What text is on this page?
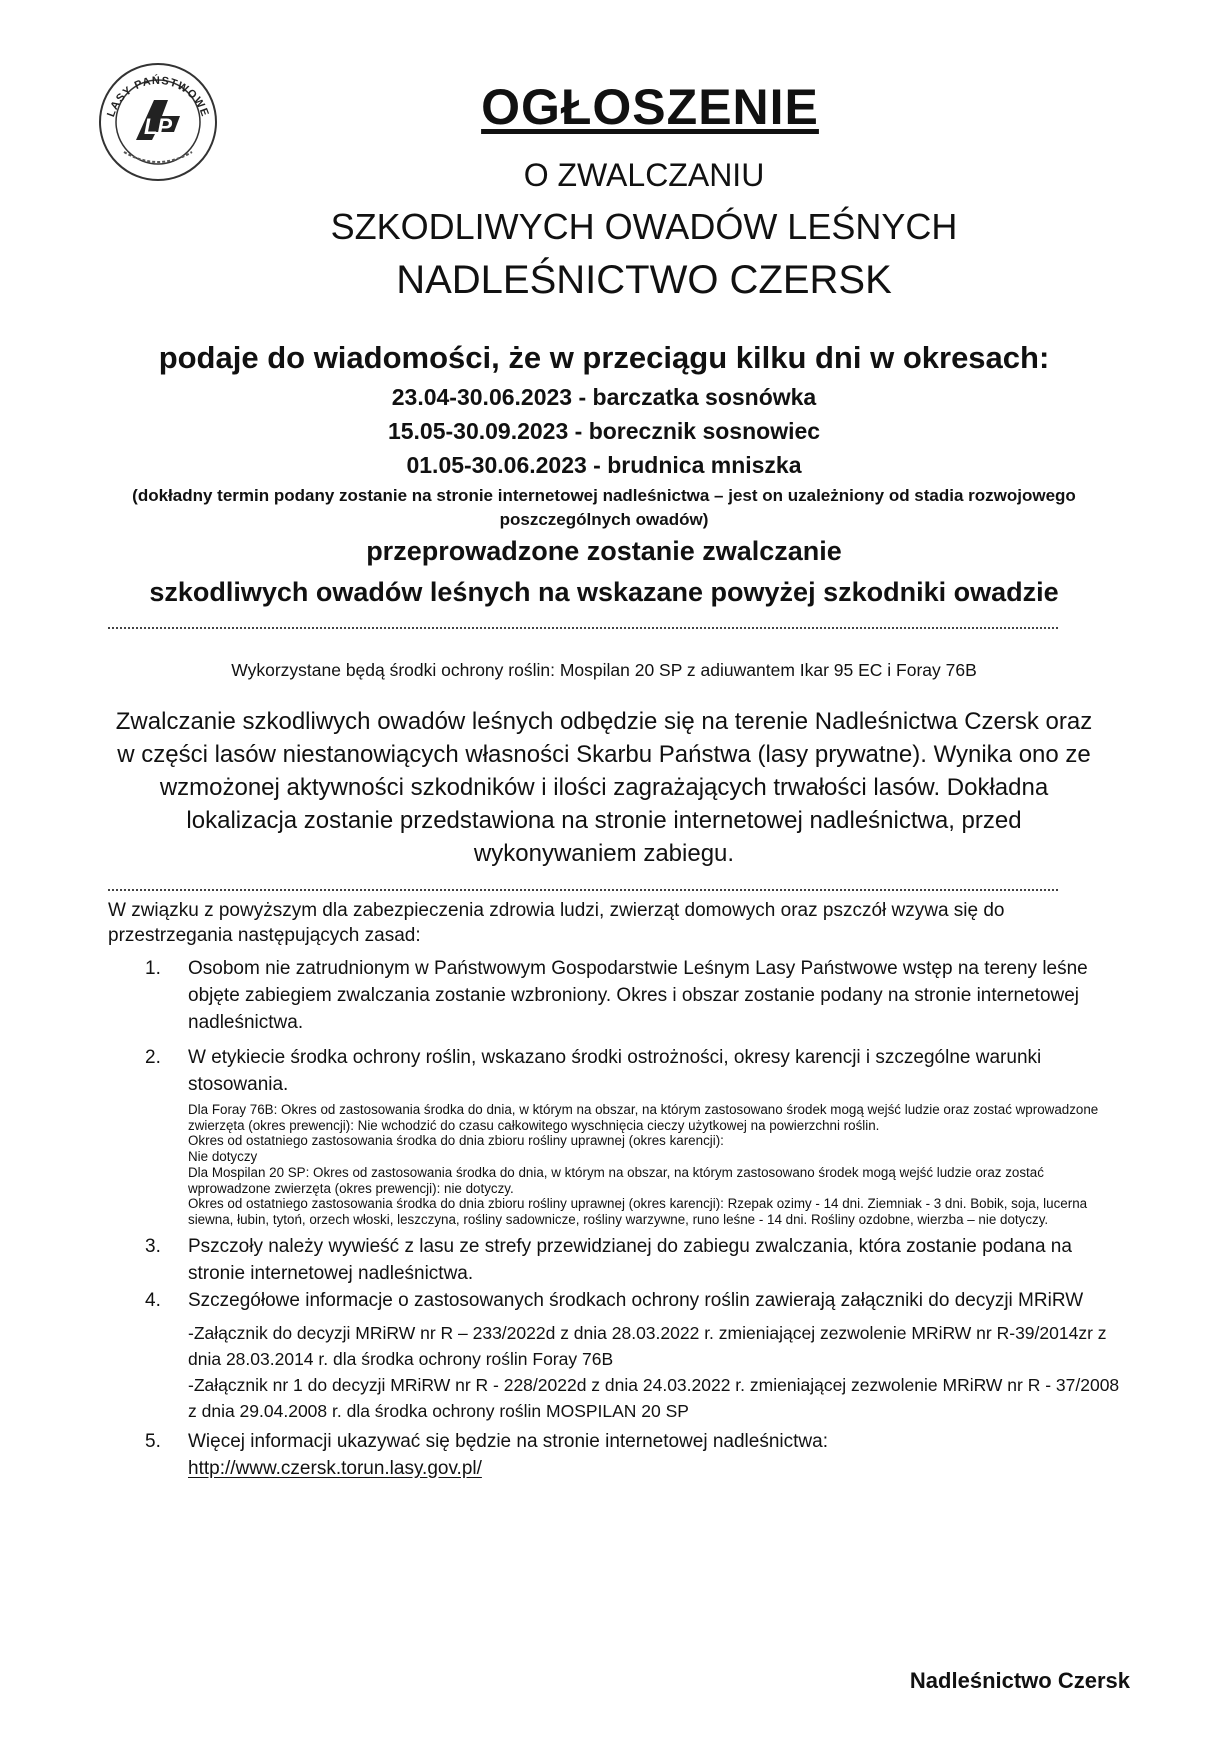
LASY PAŃSTWOWE
LP	OGŁOSZENIE
O ZWALCZANIU
SZKODLIWYCH OWADÓW LEŚNYCH
NADLEŚNICTWO CZERSK
podaje do wiadomości, że w przeciągu kilku dni w okresach:
23.04-30.06.2023 - barczatka sosnówka
15.05-30.09.2023 - borecznik sosnowiec
01.05-30.06.2023 - brudnica mniszka
(dokładny termin podany zostanie na stronie internetowej nadleśnictwa – jest on uzależniony od stadia rozwojowego poszczególnych owadów)
przeprowadzone zostanie zwalczanie
szkodliwych owadów leśnych na wskazane powyżej szkodniki owadzie
Wykorzystane będą środki ochrony roślin: Mospilan 20 SP z adiuwantem Ikar 95 EC i Foray 76B
Zwalczanie szkodliwych owadów leśnych odbędzie się na terenie Nadleśnictwa Czersk oraz w części lasów niestanowiących własności Skarbu Państwa (lasy prywatne). Wynika ono ze wzmożonej aktywności szkodników i ilości zagrażających trwałości lasów. Dokładna lokalizacja zostanie przedstawiona na stronie internetowej nadleśnictwa, przed wykonywaniem zabiegu.
W związku z powyższym dla zabezpieczenia zdrowia ludzi, zwierząt domowych oraz pszczół wzywa się do przestrzegania następujących zasad:
1. Osobom nie zatrudnionym w Państwowym Gospodarstwie Leśnym Lasy Państwowe wstęp na tereny leśne objęte zabiegiem zwalczania zostanie wzbroniony. Okres i obszar zostanie podany na stronie internetowej nadleśnictwa.
2. W etykiecie środka ochrony roślin, wskazano środki ostrożności, okresy karencji i szczególne warunki stosowania.
Dla Foray 76B: Okres od zastosowania środka do dnia, w którym na obszar, na którym zastosowano środek mogą wejść ludzie oraz zostać wprowadzone zwierzęta (okres prewencji): Nie wchodzić do czasu całkowitego wyschnięcia cieczy użytkowej na powierzchni roślin.
Okres od ostatniego zastosowania środka do dnia zbioru rośliny uprawnej (okres karencji):
Nie dotyczy
Dla Mospilan 20 SP: Okres od zastosowania środka do dnia, w którym na obszar, na którym zastosowano środek mogą wejść ludzie oraz zostać wprowadzone zwierzęta (okres prewencji): nie dotyczy.
Okres od ostatniego zastosowania środka do dnia zbioru rośliny uprawnej (okres karencji): Rzepak ozimy - 14 dni. Ziemniak - 3 dni. Bobik, soja, lucerna siewna, łubin, tytoń, orzech włoski, leszczyna, rośliny sadownicze, rośliny warzywne, runo leśne - 14 dni. Rośliny ozdobne, wierzba – nie dotyczy.
3. Pszczoły należy wywieść z lasu ze strefy przewidzianej do zabiegu zwalczania, która zostanie podana na stronie internetowej nadleśnictwa.
4. Szczegółowe informacje o zastosowanych środkach ochrony roślin zawierają załączniki do decyzji MRiRW
-Załącznik do decyzji MRiRW nr R – 233/2022d z dnia 28.03.2022 r. zmieniającej zezwolenie MRiRW nr R-39/2014zr z dnia 28.03.2014 r. dla środka ochrony roślin Foray 76B
-Załącznik nr 1 do decyzji MRiRW nr R - 228/2022d z dnia 24.03.2022 r. zmieniającej zezwolenie MRiRW nr R - 37/2008 z dnia 29.04.2008 r. dla środka ochrony roślin MOSPILAN 20 SP
5. Więcej informacji ukazywać się będzie na stronie internetowej nadleśnictwa:
http://www.czersk.torun.lasy.gov.pl/
Nadleśnictwo Czersk
